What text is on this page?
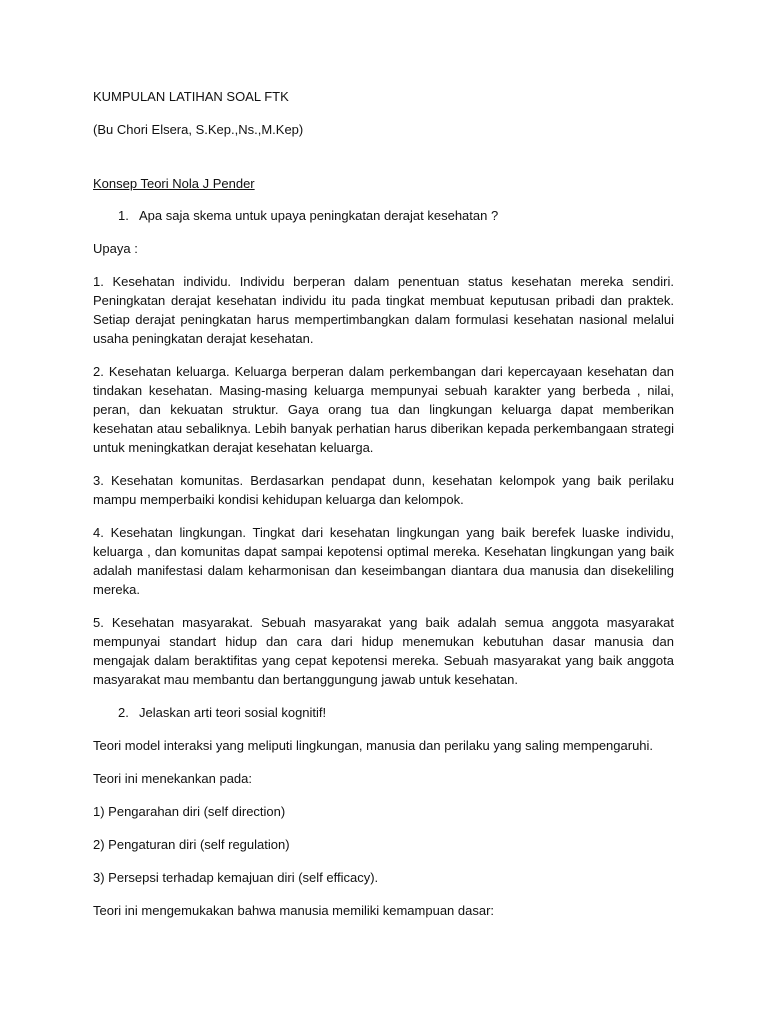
KUMPULAN LATIHAN SOAL FTK

(Bu Chori Elsera, S.Kep.,Ns.,M.Kep)

Konsep Teori Nola J Pender

1. Apa saja skema untuk upaya peningkatan derajat kesehatan ?

Upaya :

1. Kesehatan individu. Individu berperan dalam penentuan status kesehatan mereka sendiri. Peningkatan derajat kesehatan individu itu pada tingkat membuat keputusan pribadi dan praktek. Setiap derajat peningkatan harus mempertimbangkan dalam formulasi kesehatan nasional melalui usaha peningkatan derajat kesehatan.

2. Kesehatan keluarga. Keluarga berperan dalam perkembangan dari kepercayaan kesehatan dan tindakan kesehatan. Masing-masing keluarga mempunyai sebuah karakter yang berbeda , nilai, peran, dan kekuatan struktur. Gaya orang tua dan lingkungan keluarga dapat memberikan kesehatan atau sebaliknya. Lebih banyak perhatian harus diberikan kepada perkembangaan strategi untuk meningkatkan derajat kesehatan keluarga.

3. Kesehatan komunitas. Berdasarkan pendapat dunn, kesehatan kelompok yang baik perilaku mampu memperbaiki kondisi kehidupan keluarga dan kelompok.

4. Kesehatan lingkungan. Tingkat dari kesehatan lingkungan yang baik berefek luaske individu, keluarga , dan komunitas dapat sampai kepotensi optimal mereka. Kesehatan lingkungan yang baik adalah manifestasi dalam keharmonisan dan keseimbangan diantara dua manusia dan disekeliling mereka.

5. Kesehatan masyarakat. Sebuah masyarakat yang baik adalah semua anggota masyarakat mempunyai standart hidup dan cara dari hidup menemukan kebutuhan dasar manusia dan mengajak dalam beraktifitas yang cepat kepotensi mereka. Sebuah masyarakat yang baik anggota masyarakat mau membantu dan bertanggungung jawab untuk kesehatan.

2. Jelaskan arti teori sosial kognitif!

Teori model interaksi yang meliputi lingkungan, manusia dan perilaku yang saling mempengaruhi.

Teori ini menekankan pada:

1) Pengarahan diri (self direction)

2) Pengaturan diri (self regulation)

3) Persepsi terhadap kemajuan diri (self efficacy).

Teori ini mengemukakan bahwa manusia memiliki kemampuan dasar:
